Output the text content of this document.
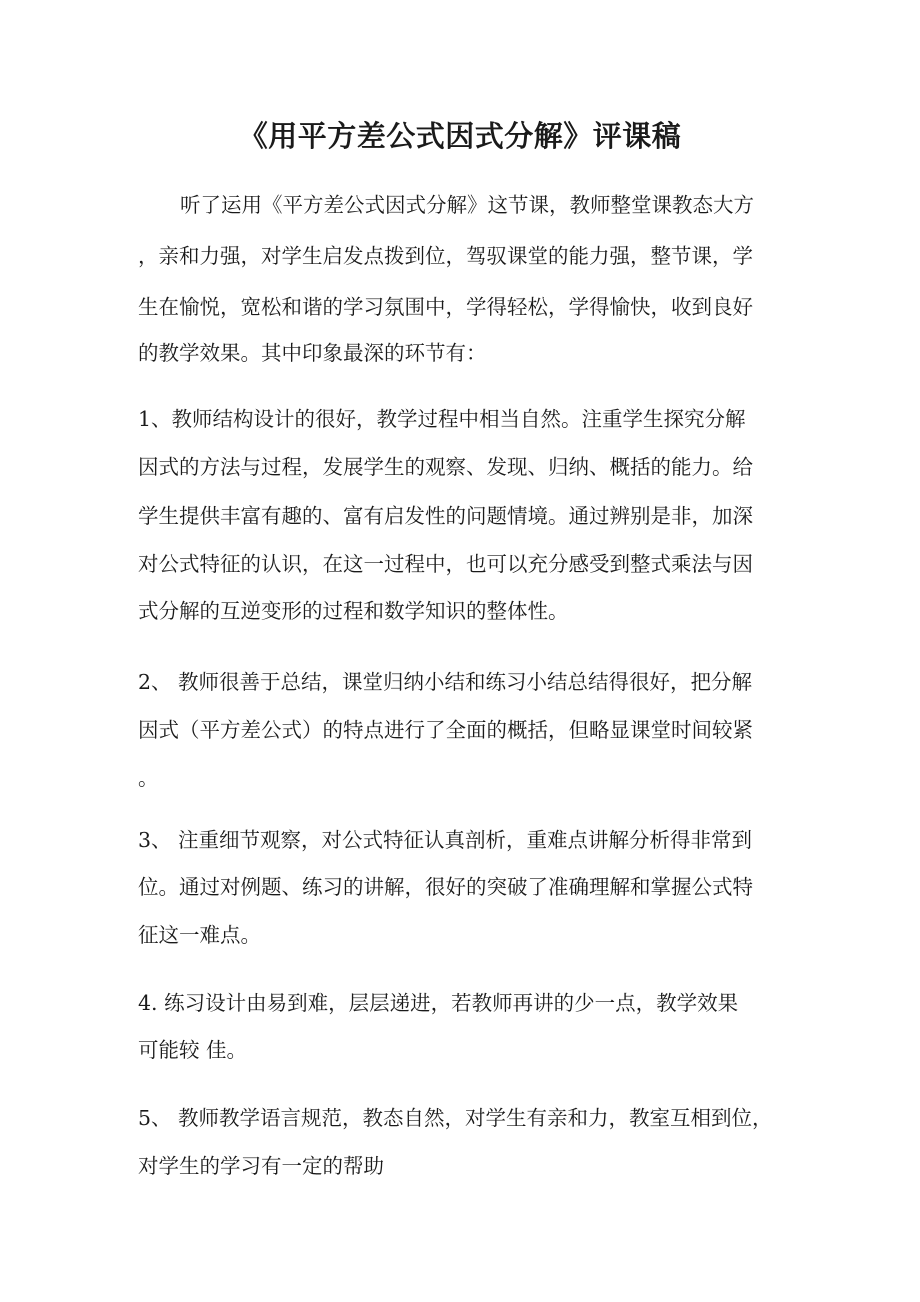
《用平方差公式因式分解》评课稿

听了运用《平方差公式因式分解》这节课，教师整堂课教态大方

，亲和力强，对学生启发点拨到位，驾驭课堂的能力强，整节课，学

生在愉悦，宽松和谐的学习氛围中，学得轻松，学得愉快，收到良好

的教学效果。其中印象最深的环节有：

1、教师结构设计的很好，教学过程中相当自然。注重学生探究分解

因式的方法与过程，发展学生的观察、发现、归纳、概括的能力。给

学生提供丰富有趣的、富有启发性的问题情境。通过辨别是非，加深

对公式特征的认识，在这一过程中，也可以充分感受到整式乘法与因

式分解的互逆变形的过程和数学知识的整体性。

2、 教师很善于总结，课堂归纳小结和练习小结总结得很好，把分解

因式（平方差公式）的特点进行了全面的概括，但略显课堂时间较紧

。

3、 注重细节观察，对公式特征认真剖析，重难点讲解分析得非常到

位。通过对例题、练习的讲解，很好的突破了准确理解和掌握公式特

征这一难点。

4. 练习设计由易到难，层层递进，若教师再讲的少一点，教学效果

可能较 佳。

5、 教师教学语言规范，教态自然，对学生有亲和力，教室互相到位，

对学生的学习有一定的帮助
